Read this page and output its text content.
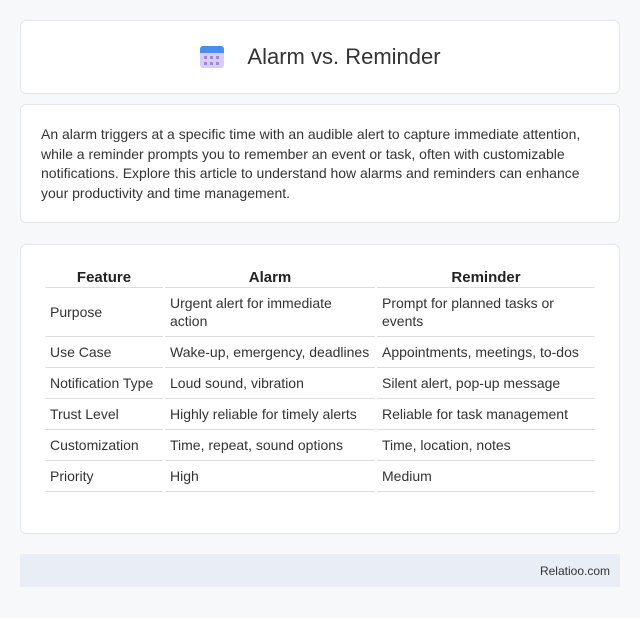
Alarm vs. Reminder

An alarm triggers at a specific time with an audible alert to capture immediate attention, while a reminder prompts you to remember an event or task, often with customizable notifications. Explore this article to understand how alarms and reminders can enhance your productivity and time management.

Feature	Alarm	Reminder
Purpose	Urgent alert for immediate action	Prompt for planned tasks or events
Use Case	Wake-up, emergency, deadlines	Appointments, meetings, to-dos
Notification Type	Loud sound, vibration	Silent alert, pop-up message
Trust Level	Highly reliable for timely alerts	Reliable for task management
Customization	Time, repeat, sound options	Time, location, notes
Priority	High	Medium
Relatioo.com
